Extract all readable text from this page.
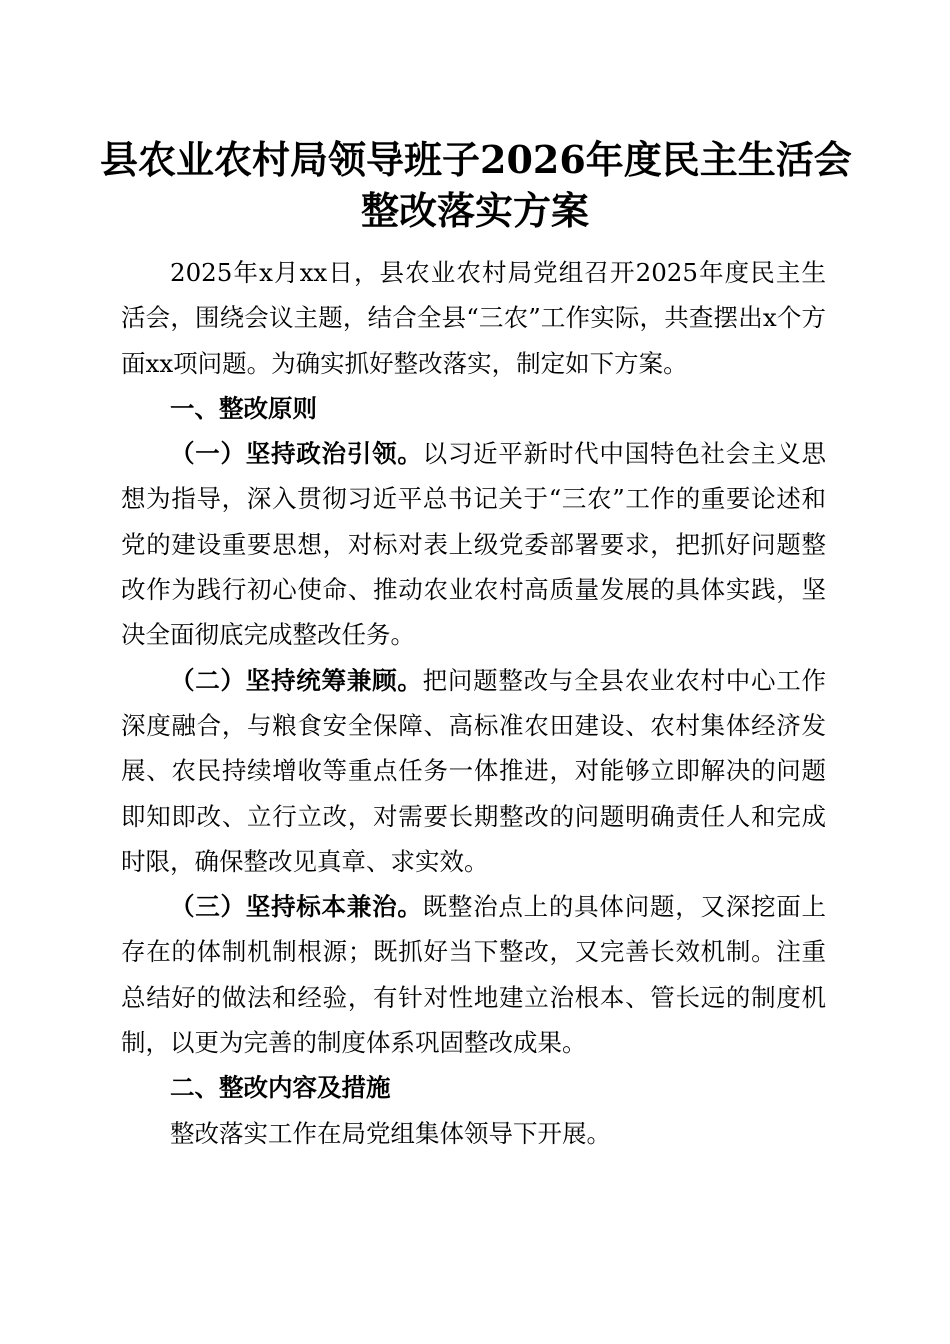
县农业农村局领导班子2026年度民主生活会
整改落实方案

2025年x月xx日，县农业农村局党组召开2025年度民主生活会，围绕会议主题，结合全县“三农”工作实际，共查摆出x个方面xx项问题。为确实抓好整改落实，制定如下方案。

一、整改原则

（一）坚持政治引领。以习近平新时代中国特色社会主义思想为指导，深入贯彻习近平总书记关于“三农”工作的重要论述和党的建设重要思想，对标对表上级党委部署要求，把抓好问题整改作为践行初心使命、推动农业农村高质量发展的具体实践，坚决全面彻底完成整改任务。

（二）坚持统筹兼顾。把问题整改与全县农业农村中心工作深度融合，与粮食安全保障、高标准农田建设、农村集体经济发展、农民持续增收等重点任务一体推进，对能够立即解决的问题即知即改、立行立改，对需要长期整改的问题明确责任人和完成时限，确保整改见真章、求实效。

（三）坚持标本兼治。既整治点上的具体问题，又深挖面上存在的体制机制根源；既抓好当下整改，又完善长效机制。注重总结好的做法和经验，有针对性地建立治根本、管长远的制度机制，以更为完善的制度体系巩固整改成果。

二、整改内容及措施

整改落实工作在局党组集体领导下开展。
